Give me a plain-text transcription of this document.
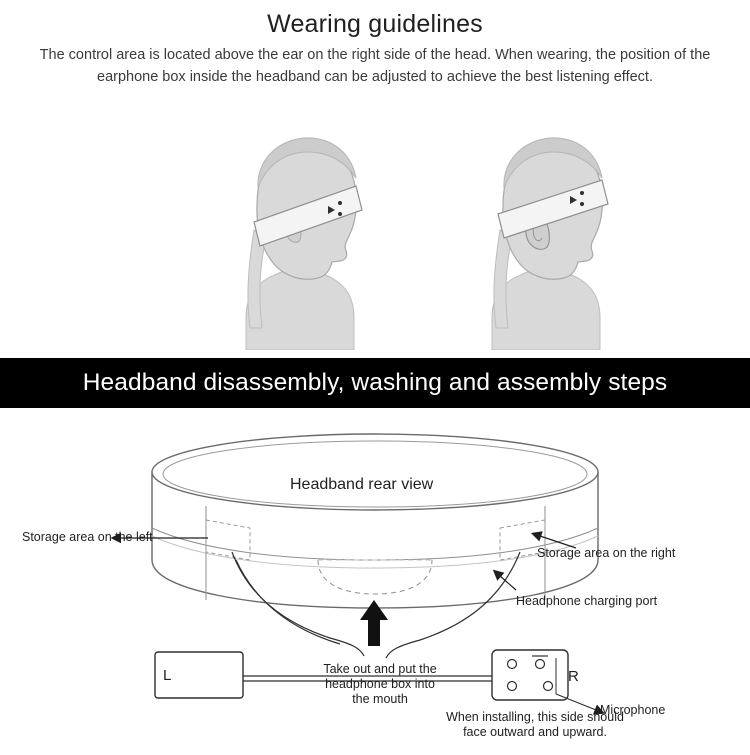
Wearing guidelines
The control area is located above the ear on the right side of the head. When wearing, the position of the earphone box inside the headband can be adjusted to achieve the best listening effect.
Headband disassembly, washing and assembly steps
Headband rear view
Storage area on the left
Storage area on the right
Headphone charging port
Take out and put the
headphone box into
the mouth
L	R
Microphone
When installing, this side should
face outward and upward.
